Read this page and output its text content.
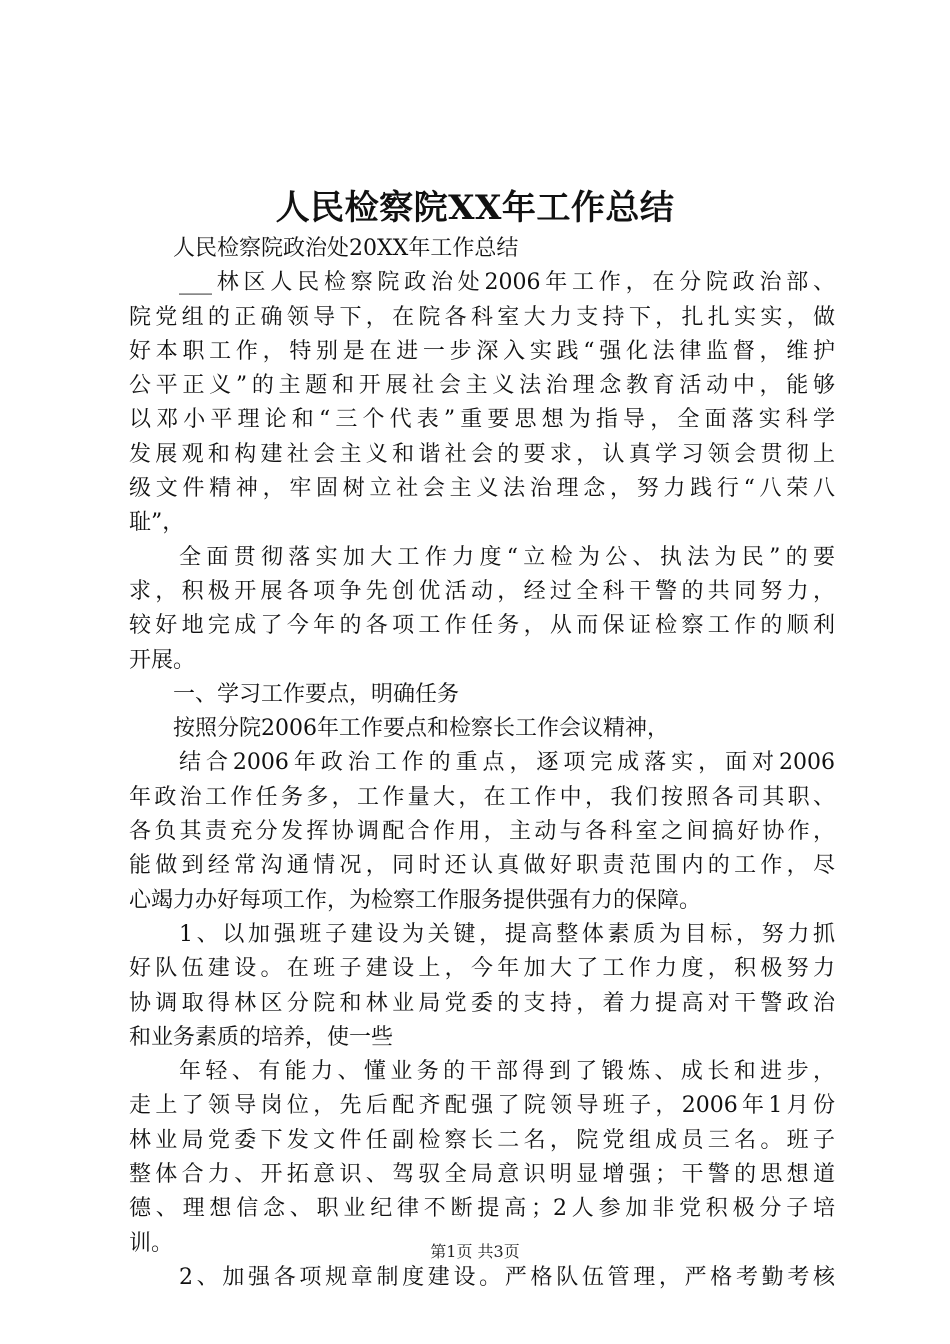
人民检察院XX年工作总结
人民检察院政治处20XX年工作总结
___林区人民检察院政治处2006年工作，在分院政治部、
院党组的正确领导下，在院各科室大力支持下，扎扎实实，做
好本职工作，特别是在进一步深入实践“强化法律监督，维护
公平正义”的主题和开展社会主义法治理念教育活动中，能够
以邓小平理论和“三个代表”重要思想为指导，全面落实科学
发展观和构建社会主义和谐社会的要求，认真学习领会贯彻上
级文件精神，牢固树立社会主义法治理念，努力践行“八荣八
耻”，
全面贯彻落实加大工作力度“立检为公、执法为民”的要
求，积极开展各项争先创优活动，经过全科干警的共同努力，
较好地完成了今年的各项工作任务，从而保证检察工作的顺利
开展。
一、学习工作要点，明确任务
按照分院2006年工作要点和检察长工作会议精神，
结合2006年政治工作的重点，逐项完成落实，面对2006
年政治工作任务多，工作量大，在工作中，我们按照各司其职、
各负其责充分发挥协调配合作用，主动与各科室之间搞好协作，
能做到经常沟通情况，同时还认真做好职责范围内的工作，尽
心竭力办好每项工作，为检察工作服务提供强有力的保障。
1、以加强班子建设为关键，提高整体素质为目标，努力抓
好队伍建设。在班子建设上，今年加大了工作力度，积极努力
协调取得林区分院和林业局党委的支持，着力提高对干警政治
和业务素质的培养，使一些
年轻、有能力、懂业务的干部得到了锻炼、成长和进步，
走上了领导岗位，先后配齐配强了院领导班子，2006年1月份
林业局党委下发文件任副检察长二名，院党组成员三名。班子
整体合力、开拓意识、驾驭全局意识明显增强；干警的思想道
德、理想信念、职业纪律不断提高；2人参加非党积极分子培
训。
2、加强各项规章制度建设。严格队伍管理，严格考勤考核
第1页 共3页
